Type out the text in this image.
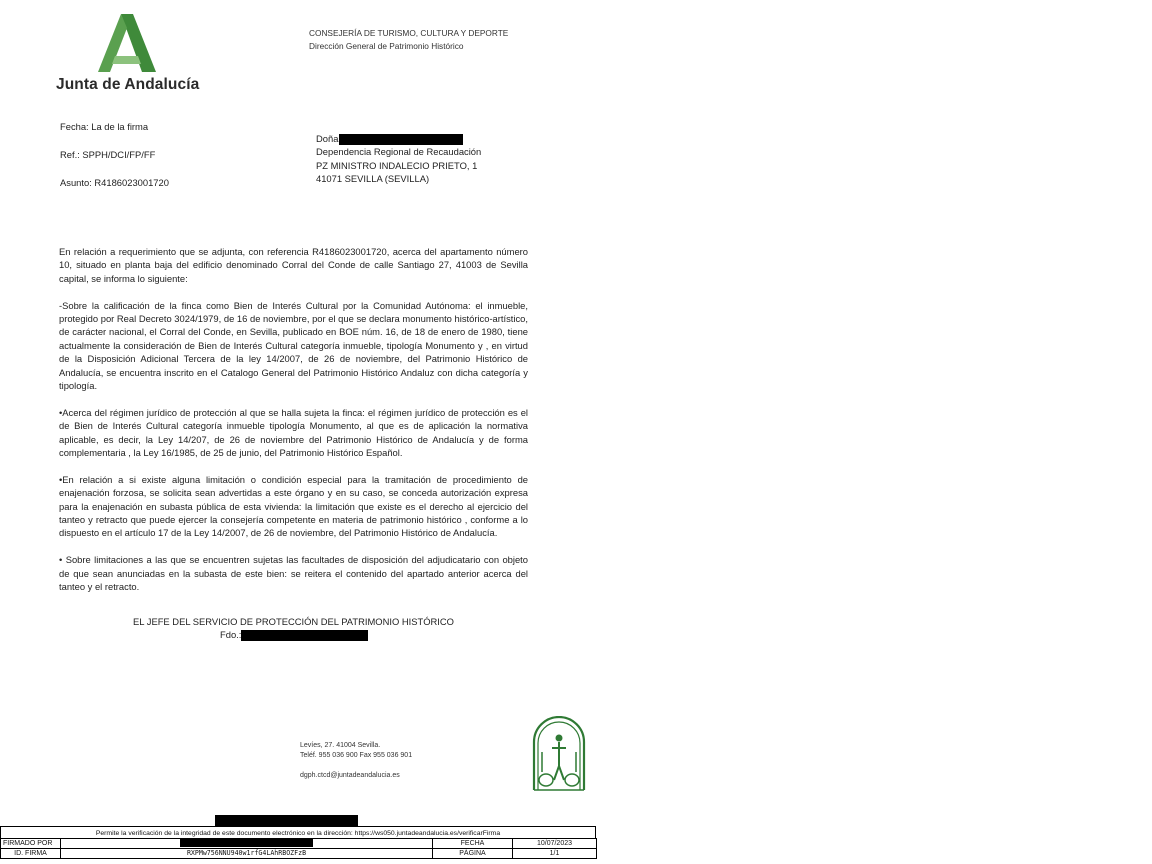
Junta de Andalucía
CONSEJERÍA DE TURISMO, CULTURA Y DEPORTE
Dirección General de Patrimonio Histórico
Fecha: La de la firma
Ref.: SPPH/DCI/FP/FF
Asunto: R4186023001720
Doña
Dependencia Regional de Recaudación
PZ MINISTRO INDALECIO PRIETO, 1
41071 SEVILLA (SEVILLA)

En relación a requerimiento que se adjunta, con referencia R4186023001720, acerca del apartamento número 10, situado en planta baja del edificio denominado Corral del Conde de calle Santiago 27, 41003 de Sevilla capital, se informa lo siguiente:

-Sobre la calificación de la finca como Bien de Interés Cultural por la Comunidad Autónoma: el inmueble, protegido por Real Decreto 3024/1979, de 16 de noviembre, por el que se declara monumento histórico-artístico, de carácter nacional, el Corral del Conde, en Sevilla, publicado en BOE núm. 16, de 18 de enero de 1980, tiene actualmente la consideración de Bien de Interés Cultural categoría inmueble, tipología Monumento y , en virtud de la Disposición Adicional Tercera de la ley 14/2007, de 26 de noviembre, del Patrimonio Histórico de Andalucía, se encuentra inscrito en el Catalogo General del Patrimonio Histórico Andaluz con dicha categoría y tipología.

•Acerca del régimen jurídico de protección al que se halla sujeta la finca: el régimen jurídico de protección es el de Bien de Interés Cultural categoría inmueble tipología Monumento, al que es de aplicación la normativa aplicable, es decir, la Ley 14/207, de 26 de noviembre del Patrimonio Histórico de Andalucía y de forma complementaria , la Ley 16/1985, de 25 de junio, del Patrimonio Histórico Español.

•En relación a si existe alguna limitación o condición especial para la tramitación de procedimiento de enajenación forzosa, se solicita sean advertidas a este órgano y en su caso, se conceda autorización expresa para la enajenación en subasta pública de esta vivienda: la limitación que existe es el derecho al ejercicio del tanteo y retracto que puede ejercer la consejería competente en materia de patrimonio histórico , conforme a lo dispuesto en el artículo 17 de la Ley 14/2007, de 26 de noviembre, del Patrimonio Histórico de Andalucía.

• Sobre limitaciones a las que se encuentren sujetas las facultades de disposición del adjudicatario con objeto de que sean anunciadas en la subasta de este bien: se reitera el contenido del apartado anterior acerca del tanteo y el retracto.

EL JEFE DEL SERVICIO DE PROTECCIÓN DEL PATRIMONIO HISTÓRICO
Fdo.:
Levíes, 27. 41004 Sevilla.
Teléf. 955 036 900 Fax 955 036 901
dgph.ctcd@juntadeandalucia.es
Permite la verificación de la integridad de este documento electrónico en la dirección: https://ws050.juntadeandalucia.es/verificarFirma
FIRMADO POR		FECHA	10/07/2023
ID. FIRMA	RXPMw756NNU940w1rfG4LAhRBOZFzB	PÁGINA	1/1
